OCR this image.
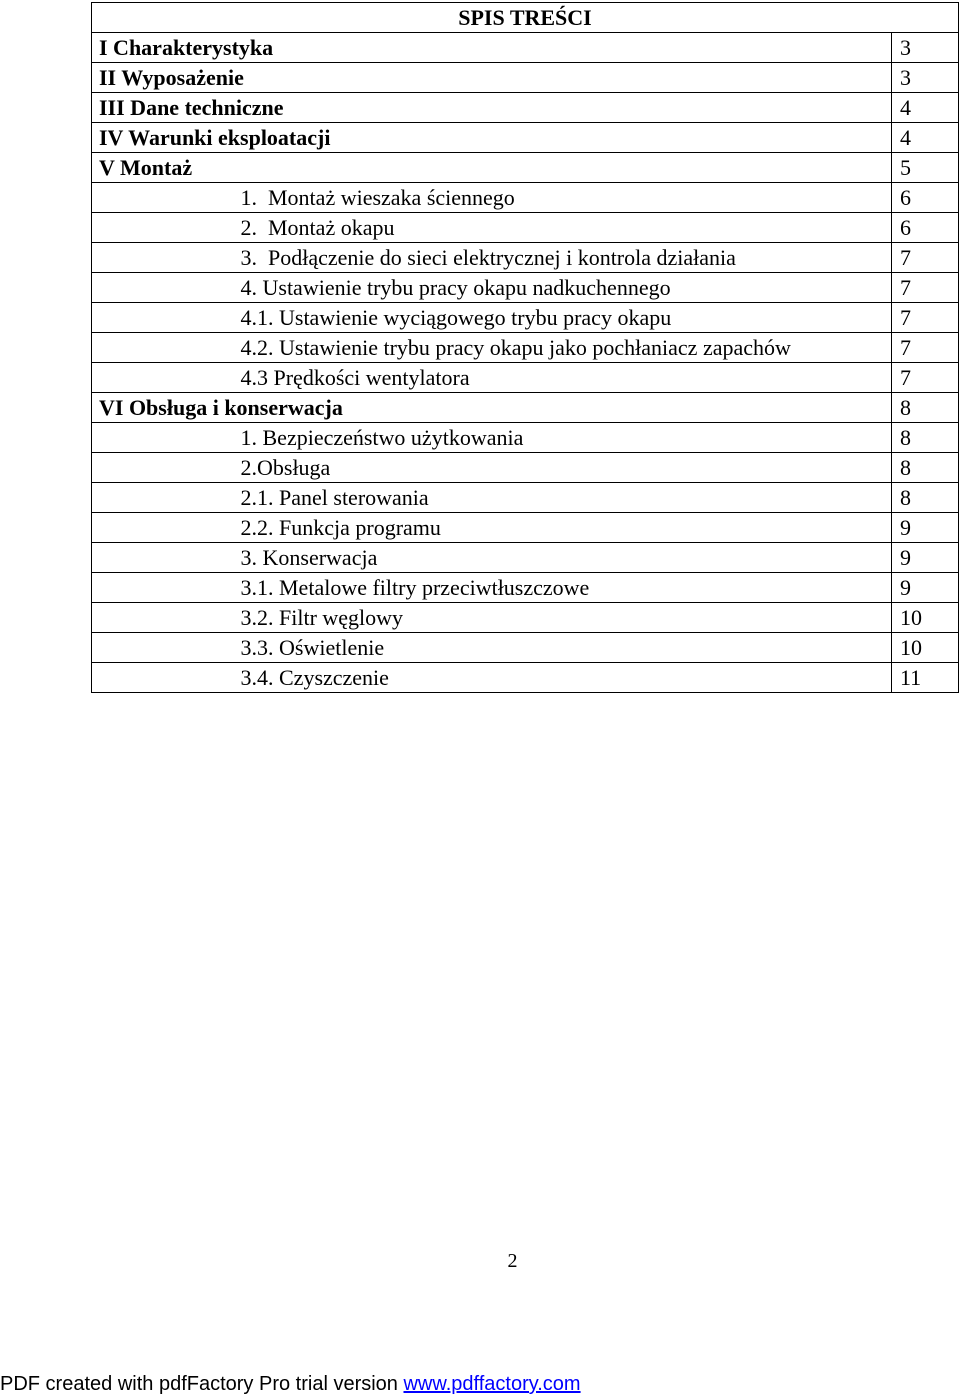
SPIS TREŚCI		
I Charakterystyka		3
II Wyposażenie		3
III Dane techniczne		4
IV Warunki eksploatacji		4
V Montaż		5
	1.  Montaż wieszaka ściennego	6
	2.  Montaż okapu	6
	3.  Podłączenie do sieci elektrycznej i kontrola działania	7
	4. Ustawienie trybu pracy okapu nadkuchennego	7
	4.1. Ustawienie wyciągowego trybu pracy okapu	7
	4.2. Ustawienie trybu pracy okapu jako pochłaniacz zapachów	7
	4.3 Prędkości wentylatora	7
VI Obsługa i konserwacja		8
	1. Bezpieczeństwo użytkowania	8
	2.Obsługa	8
	2.1. Panel sterowania	8
	2.2. Funkcja programu	9
	3. Konserwacja	9
	3.1. Metalowe filtry przeciwtłuszczowe	9
	3.2. Filtr węglowy	10
	3.3. Oświetlenie	10
	3.4. Czyszczenie	11
2
PDF created with pdfFactory Pro trial version www.pdffactory.com
